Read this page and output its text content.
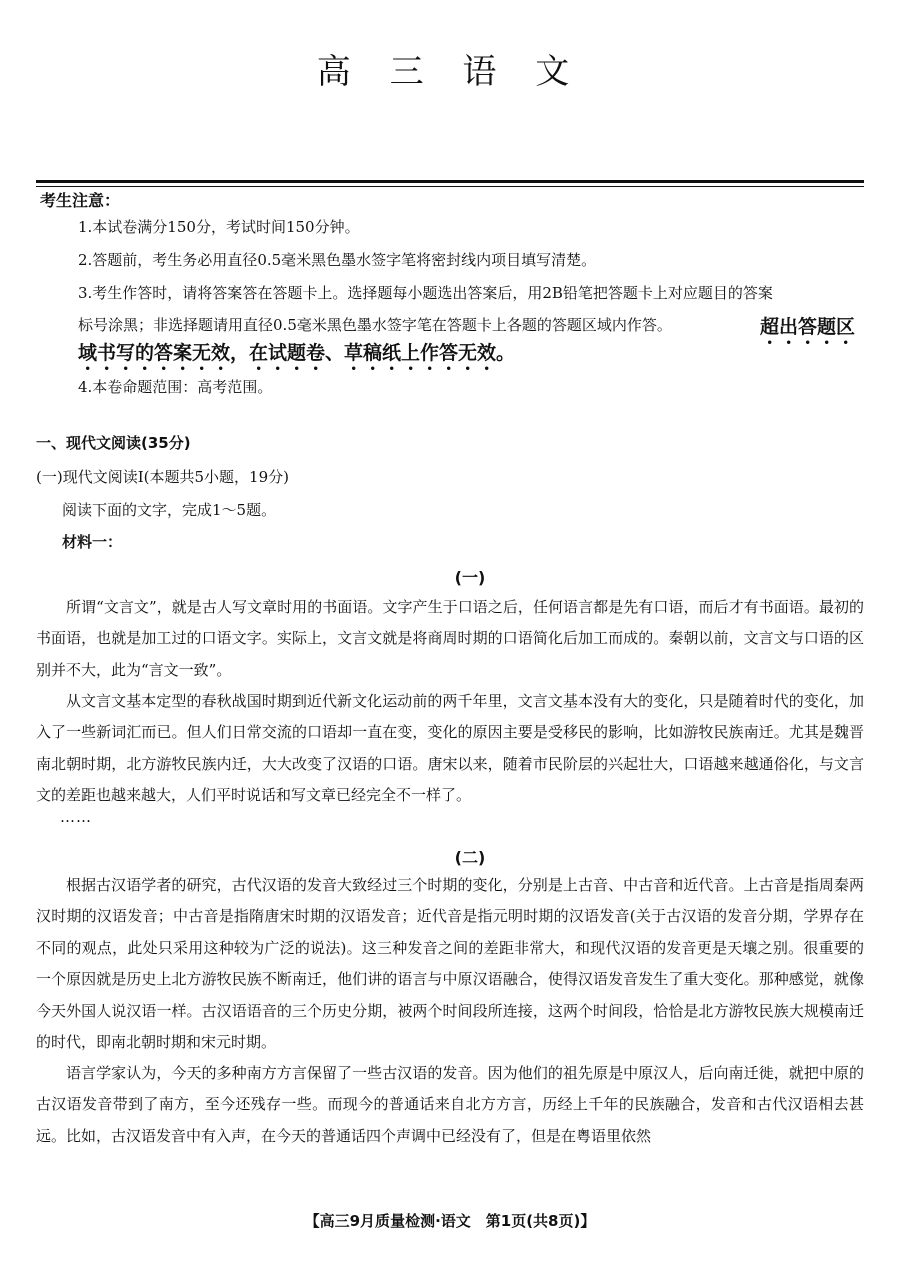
高 三 语 文
考生注意：
1.本试卷满分150分，考试时间150分钟。
2.答题前，考生务必用直径0.5毫米黑色墨水签字笔将密封线内项目填写清楚。
3.考生作答时，请将答案答在答题卡上。选择题每小题选出答案后，用2B铅笔把答题卡上对应题目的答案
标号涂黑；非选择题请用直径0.5毫米黑色墨水签字笔在答题卡上各题的答题区域内作答。	超出答题区
域书写的答案无效，在试题卷、草稿纸上作答无效。
4.本卷命题范围：高考范围。
一、现代文阅读(35分)
(一)现代文阅读Ⅰ(本题共5小题，19分)
阅读下面的文字，完成1～5题。
材料一：
(一)
所谓“文言文”，就是古人写文章时用的书面语。文字产生于口语之后，任何语言都是先有口语，而后才有书面语。最初的书面语，也就是加工过的口语文字。实际上，文言文就是将商周时期的口语简化后加工而成的。秦朝以前，文言文与口语的区别并不大，此为“言文一致”。
从文言文基本定型的春秋战国时期到近代新文化运动前的两千年里，文言文基本没有大的变化，只是随着时代的变化，加入了一些新词汇而已。但人们日常交流的口语却一直在变，变化的原因主要是受移民的影响，比如游牧民族南迁。尤其是魏晋南北朝时期，北方游牧民族内迁，大大改变了汉语的口语。唐宋以来，随着市民阶层的兴起壮大，口语越来越通俗化，与文言文的差距也越来越大，人们平时说话和写文章已经完全不一样了。
……
(二)
根据古汉语学者的研究，古代汉语的发音大致经过三个时期的变化，分别是上古音、中古音和近代音。上古音是指周秦两汉时期的汉语发音；中古音是指隋唐宋时期的汉语发音；近代音是指元明时期的汉语发音(关于古汉语的发音分期，学界存在不同的观点，此处只采用这种较为广泛的说法)。这三种发音之间的差距非常大，和现代汉语的发音更是天壤之别。很重要的一个原因就是历史上北方游牧民族不断南迁，他们讲的语言与中原汉语融合，使得汉语发音发生了重大变化。那种感觉，就像今天外国人说汉语一样。古汉语语音的三个历史分期，被两个时间段所连接，这两个时间段，恰恰是北方游牧民族大规模南迁的时代，即南北朝时期和宋元时期。
语言学家认为，今天的多种南方方言保留了一些古汉语的发音。因为他们的祖先原是中原汉人，后向南迁徙，就把中原的古汉语发音带到了南方，至今还残存一些。而现今的普通话来自北方方言，历经上千年的民族融合，发音和古代汉语相去甚远。比如，古汉语发音中有入声，在今天的普通话四个声调中已经没有了，但是在粤语里依然
【高三9月质量检测·语文　第1页(共8页)】
